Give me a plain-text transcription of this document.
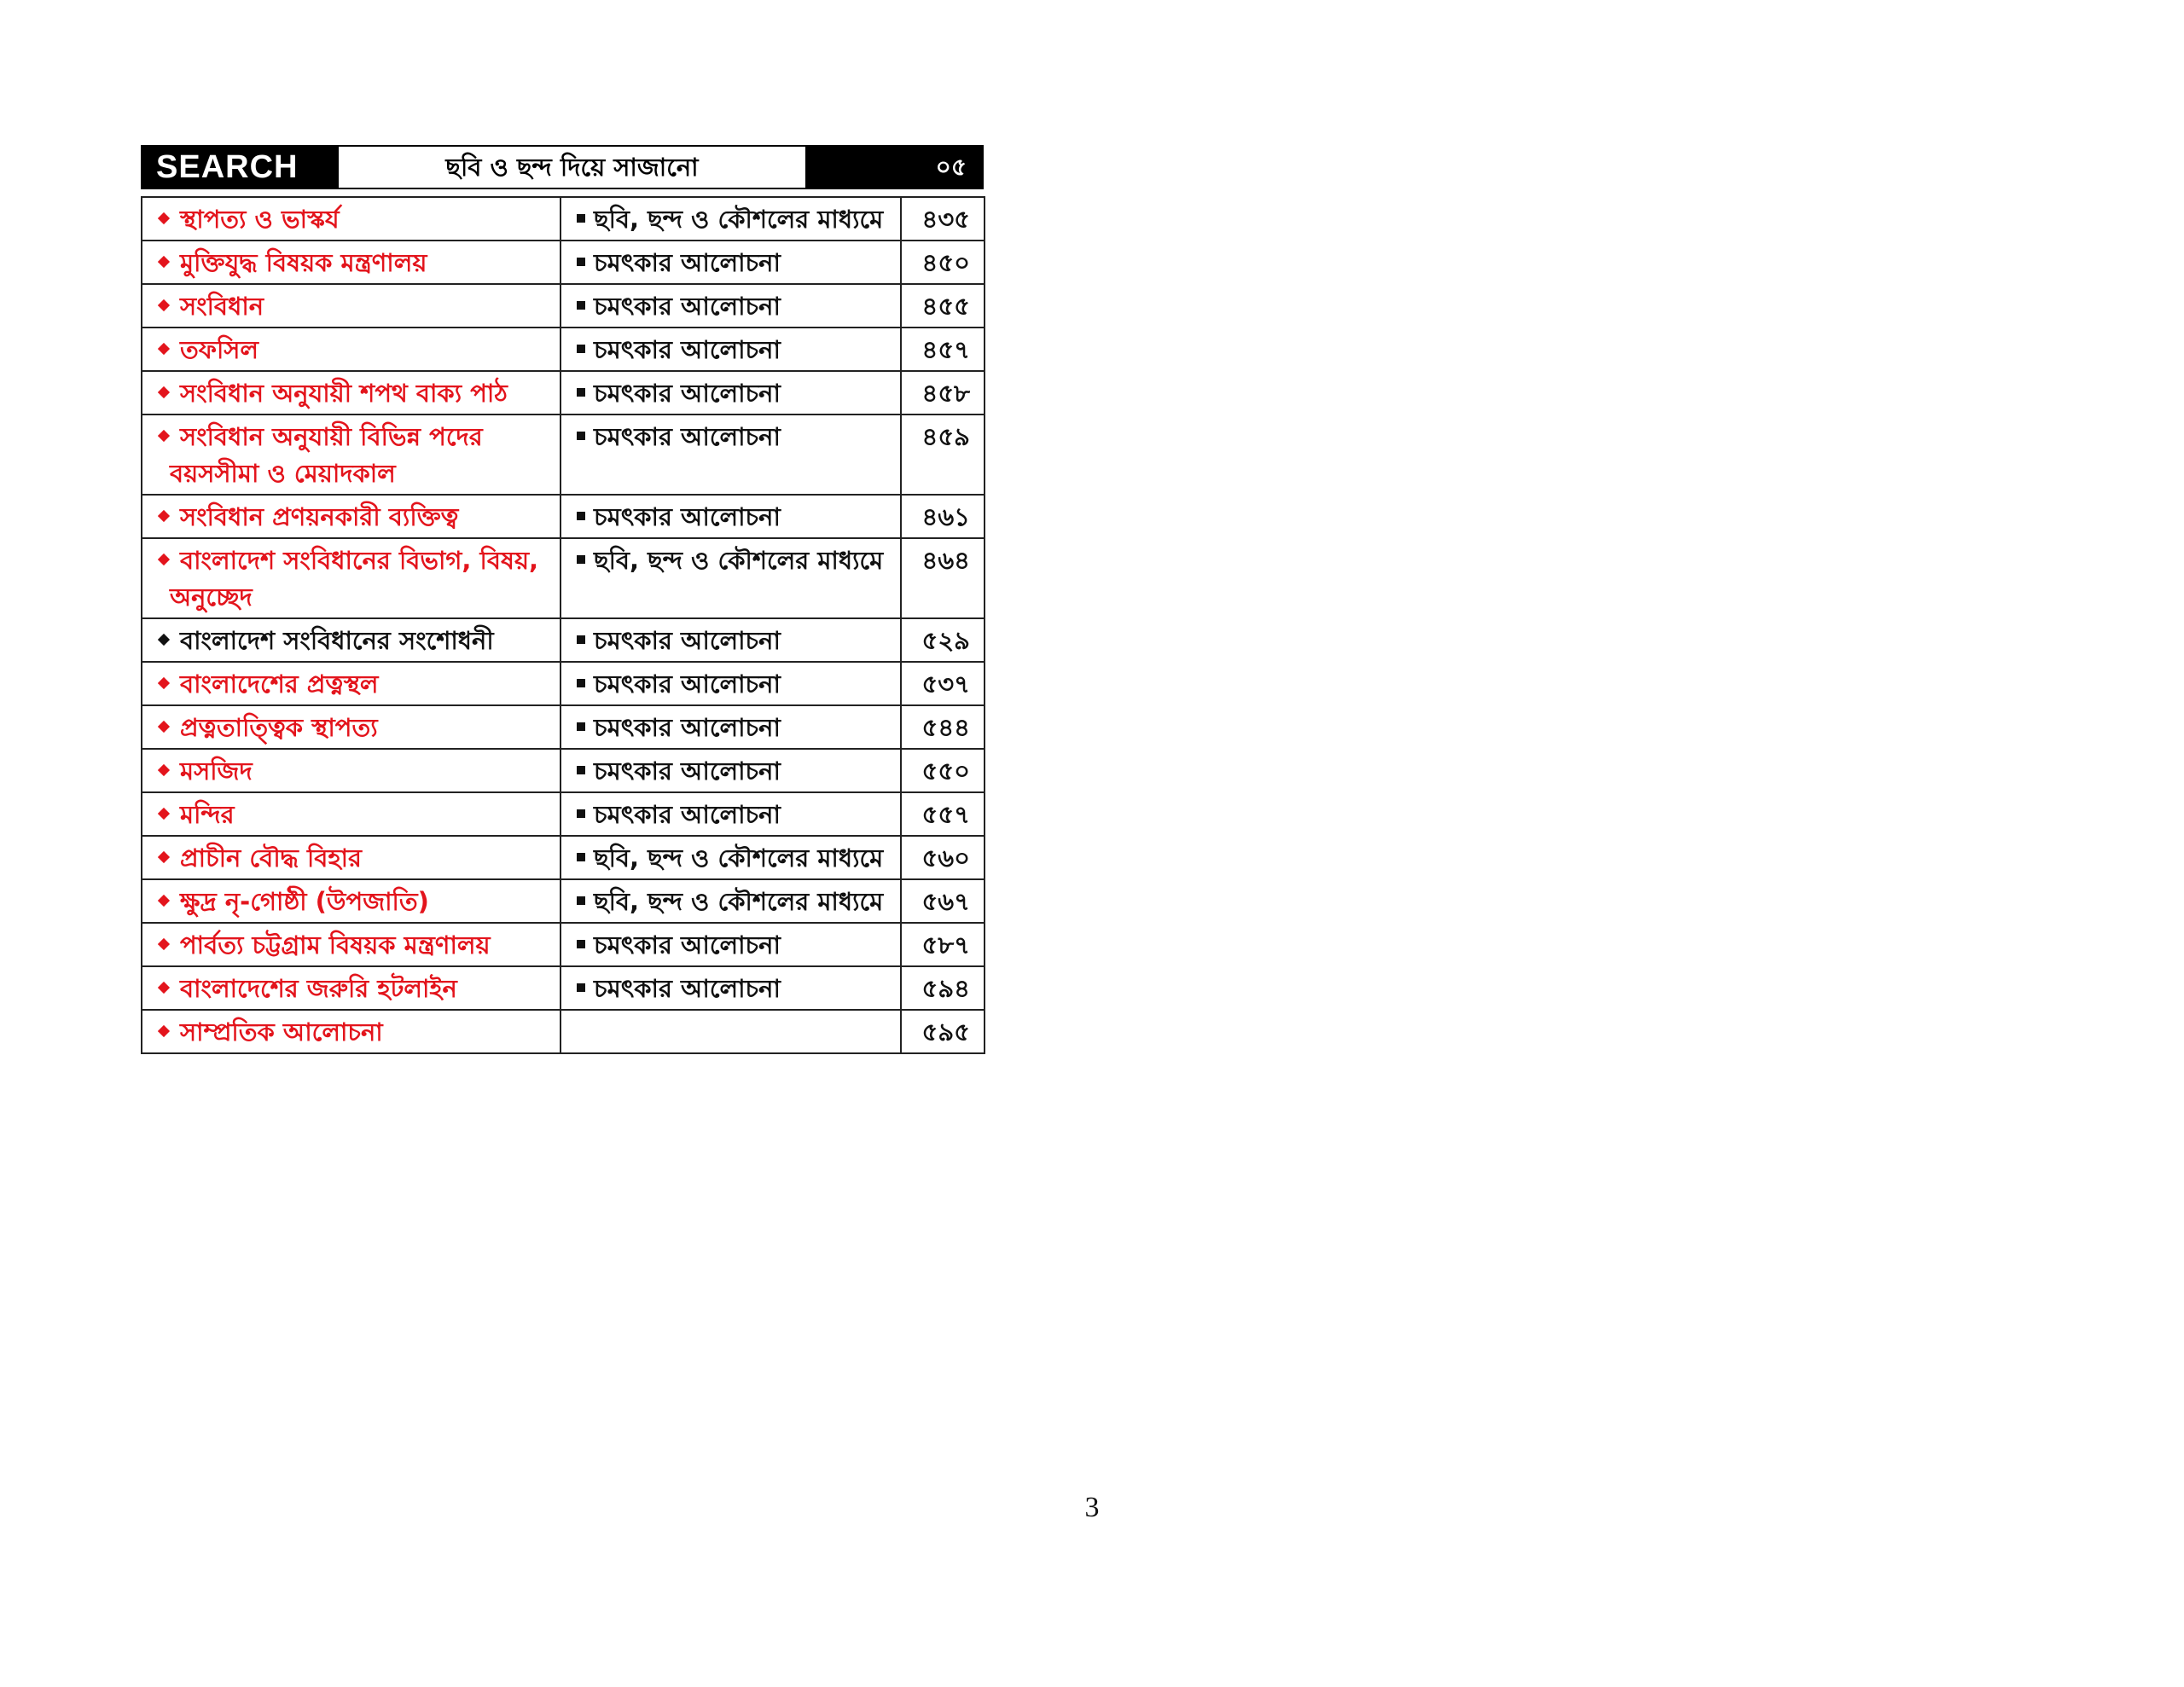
SEARCH	ছবি ও ছন্দ দিয়ে সাজানো	০৫
স্থাপত্য ও ভাস্কর্য	ছবি, ছন্দ ও কৌশলের মাধ্যমে	৪৩৫

মুক্তিযুদ্ধ বিষয়ক মন্ত্রণালয়	চমৎকার আলোচনা	৪৫০

সংবিধান	চমৎকার আলোচনা	৪৫৫

তফসিল	চমৎকার আলোচনা	৪৫৭

সংবিধান অনুযায়ী শপথ বাক্য পাঠ	চমৎকার আলোচনা	৪৫৮

সংবিধান অনুযায়ী বিভিন্ন পদের
বয়সসীমা ও মেয়াদকাল	চমৎকার আলোচনা	৪৫৯

সংবিধান প্রণয়নকারী ব্যক্তিত্ব	চমৎকার আলোচনা	৪৬১

বাংলাদেশ সংবিধানের বিভাগ, বিষয়,
অনুচ্ছেদ	ছবি, ছন্দ ও কৌশলের মাধ্যমে	৪৬৪

বাংলাদেশ সংবিধানের সংশোধনী	চমৎকার আলোচনা	৫২৯

বাংলাদেশের প্রত্নস্থল	চমৎকার আলোচনা	৫৩৭

প্রত্নতাত্ত্বিক স্থাপত্য	চমৎকার আলোচনা	৫৪৪

মসজিদ	চমৎকার আলোচনা	৫৫০

মন্দির	চমৎকার আলোচনা	৫৫৭

প্রাচীন বৌদ্ধ বিহার	ছবি, ছন্দ ও কৌশলের মাধ্যমে	৫৬০

ক্ষুদ্র নৃ-গোষ্ঠী (উপজাতি)	ছবি, ছন্দ ও কৌশলের মাধ্যমে	৫৬৭

পার্বত্য চট্টগ্রাম বিষয়ক মন্ত্রণালয়	চমৎকার আলোচনা	৫৮৭

বাংলাদেশের জরুরি হটলাইন	চমৎকার আলোচনা	৫৯৪

সাম্প্রতিক আলোচনা		৫৯৫
3
